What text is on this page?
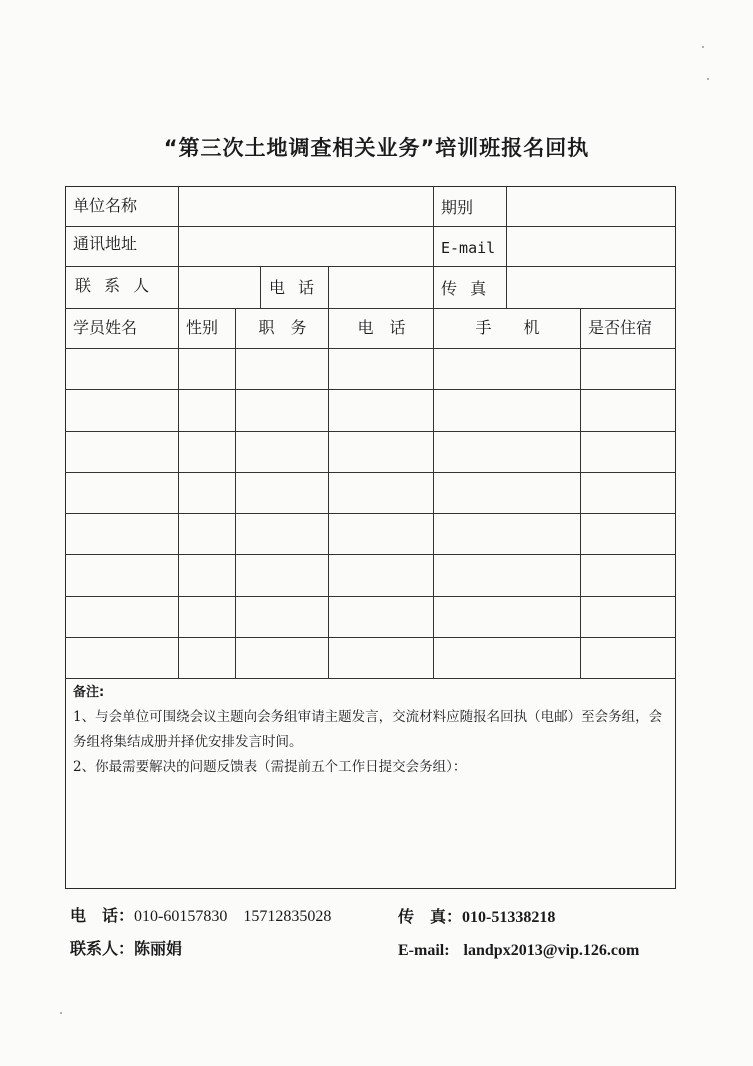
“第三次土地调查相关业务”培训班报名回执
单位名称	期别
通讯地址	E-mail
联 系 人	电 话	传 真
学员姓名	性别	职　务	电　话	手　　机	是否住宿
备注:
1、与会单位可围绕会议主题向会务组审请主题发言，交流材料应随报名回执（电邮）至会务组，会务组将集结成册并择优安排发言时间。
2、你最需要解决的问题反馈表（需提前五个工作日提交会务组）：
电　话：010-60157830　15712835028	传　真：010-51338218
联系人：陈丽娟	E-mail: landpx2013@vip.126.com
